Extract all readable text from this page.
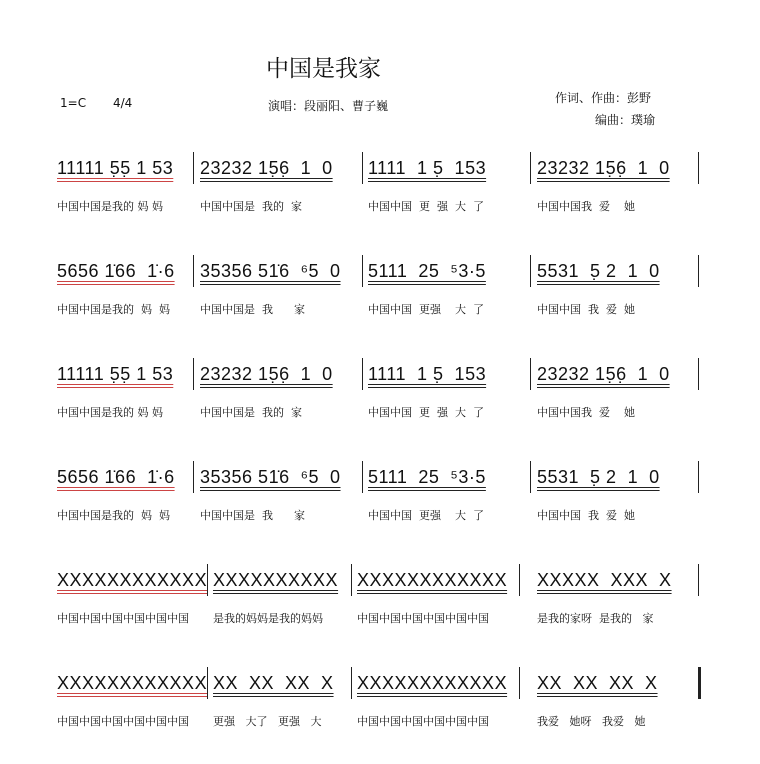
中国是我家
1=C 4/4	演唱：段丽阳、曹子巍
作词、作曲：彭野
编曲：璞瑜
11111 5̣5̣ 1 53
中国中国是我的 妈 妈
23232 15̣6̣  1  0
中国中国是  我的  家
1111  1 5̣  153
中国中国  更  强  大  了
23232 15̣6̣  1  0
中国中国我  爱    她
5656 1̇66  1̇·6
中国中国是我的  妈  妈
35356 51̇6  ⁶5  0
中国中国是  我      家
5111  25  ⁵3·5
中国中国  更强    大  了
5531  5̣ 2  1  0
中国中国  我  爱  她
11111 5̣5̣ 1 53
中国中国是我的 妈 妈
23232 15̣6̣  1  0
中国中国是  我的  家
1111  1 5̣  153
中国中国  更  强  大  了
23232 15̣6̣  1  0
中国中国我  爱    她
5656 1̇66  1̇·6
中国中国是我的  妈  妈
35356 51̇6  ⁶5  0
中国中国是  我      家
5111  25  ⁵3·5
中国中国  更强    大  了
5531  5̣ 2  1  0
中国中国  我  爱  她
XXXXXXXXXXXX
中国中国中国中国中国中国
XXXXXXXXXX
是我的妈妈是我的妈妈
XXXXXXXXXXXX
中国中国中国中国中国中国
XXXXX  XXX  X
是我的家呀  是我的   家
XXXXXXXXXXXX
中国中国中国中国中国中国
XX  XX  XX  X
更强   大了   更强   大
XXXXXXXXXXXX
中国中国中国中国中国中国
XX  XX  XX  X
我爱   她呀   我爱   她
